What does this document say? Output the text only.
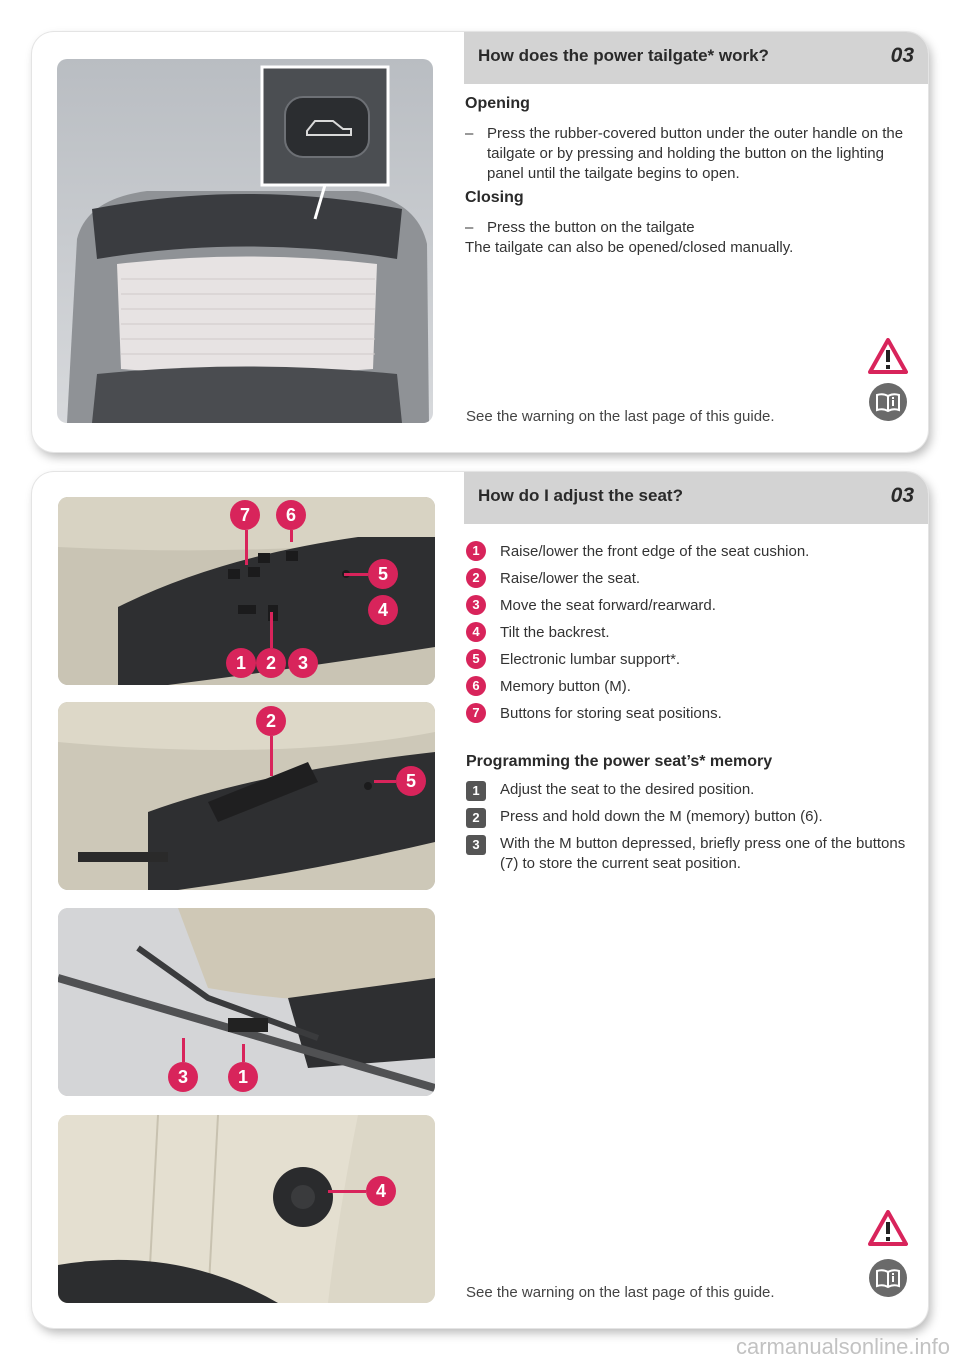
How does the power tailgate* work?	03
Opening
– Press the rubber-covered button under the outer handle on the tailgate or by pressing and holding the button on the lighting panel until the tailgate begins to open.
Closing
– Press the button on the tailgate
The tailgate can also be opened/closed manually.
See the warning on the last page of this guide.
How do I adjust the seat?	03
7	6
5
4
1	2	3
2
5
3	1
4
1	Raise/lower the front edge of the seat cushion.
2	Raise/lower the seat.
3	Move the seat forward/rearward.
4	Tilt the backrest.
5	Electronic lumbar support*.
6	Memory button (M).
7	Buttons for storing seat positions.
Programming the power seat’s* memory
1	Adjust the seat to the desired position.
2	Press and hold down the M (memory) button (6).
3	With the M button depressed, briefly press one of the buttons (7) to store the current seat position.
See the warning on the last page of this guide.
carmanualsonline.info
